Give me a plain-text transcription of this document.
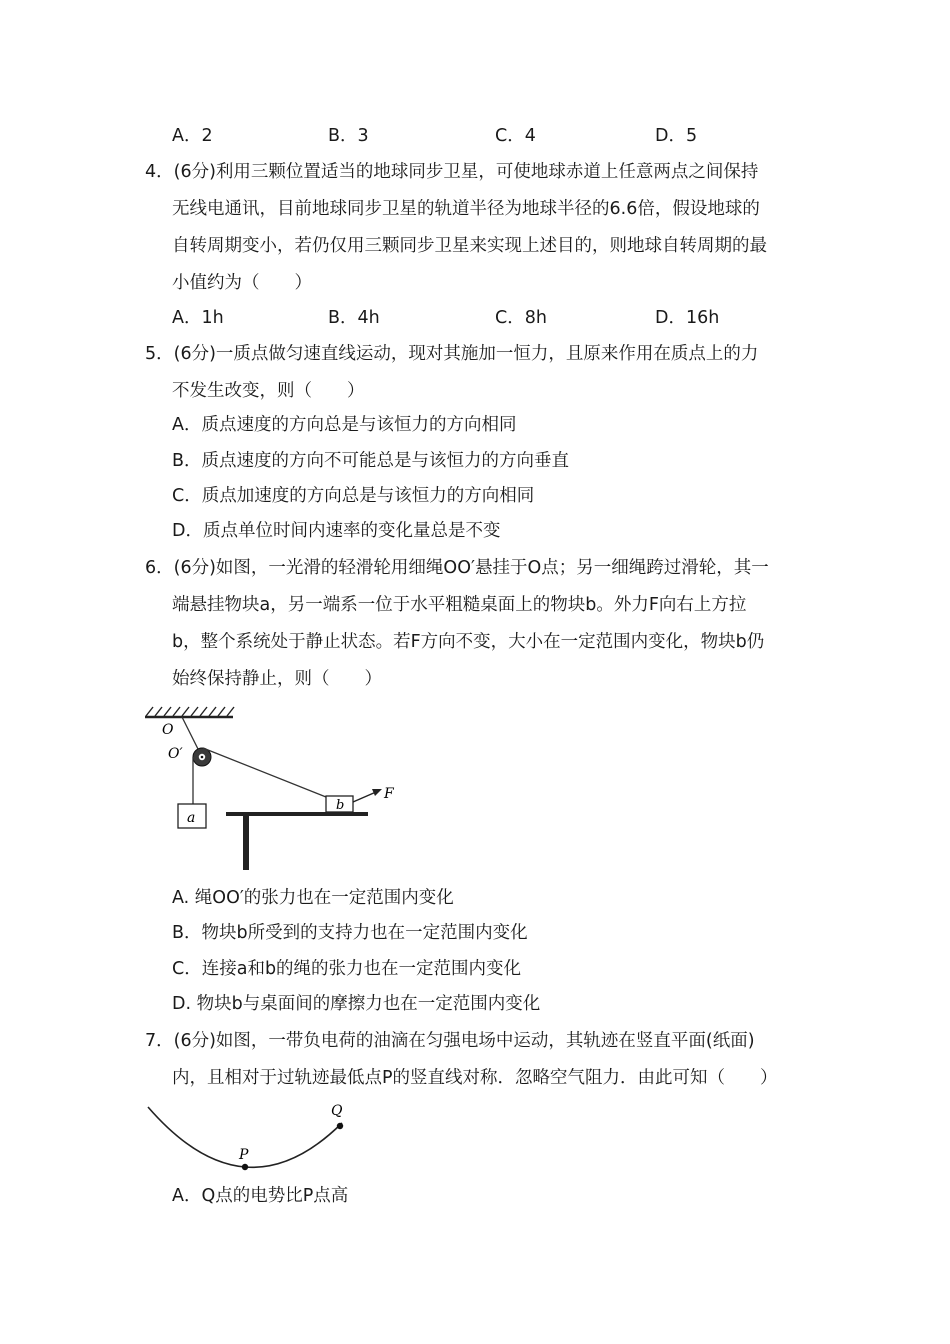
A．2	B．3	C．4	D．5
4．(6分)利用三颗位置适当的地球同步卫星，可使地球赤道上任意两点之间保持
无线电通讯，目前地球同步卫星的轨道半径为地球半径的6.6倍，假设地球的
自转周期变小，若仍仅用三颗同步卫星来实现上述目的，则地球自转周期的最
小值约为（　　）
A．1h	B．4h	C．8h	D．16h
5．(6分)一质点做匀速直线运动，现对其施加一恒力，且原来作用在质点上的力
不发生改变，则（　　）
A．质点速度的方向总是与该恒力的方向相同
B．质点速度的方向不可能总是与该恒力的方向垂直
C．质点加速度的方向总是与该恒力的方向相同
D．质点单位时间内速率的变化量总是不变
6．(6分)如图，一光滑的轻滑轮用细绳OO′悬挂于O点；另一细绳跨过滑轮，其一
端悬挂物块a，另一端系一位于水平粗糙桌面上的物块b。外力F向右上方拉
b，整个系统处于静止状态。若F方向不变，大小在一定范围内变化，物块b仍
始终保持静止，则（　　）
O
O′
a
b
F
A. 绳OO′的张力也在一定范围内变化
B．物块b所受到的支持力也在一定范围内变化
C．连接a和b的绳的张力也在一定范围内变化
D. 物块b与桌面间的摩擦力也在一定范围内变化
7．(6分)如图，一带负电荷的油滴在匀强电场中运动，其轨迹在竖直平面(纸面)
内，且相对于过轨迹最低点P的竖直线对称．忽略空气阻力．由此可知（　　）
P
Q
A．Q点的电势比P点高
